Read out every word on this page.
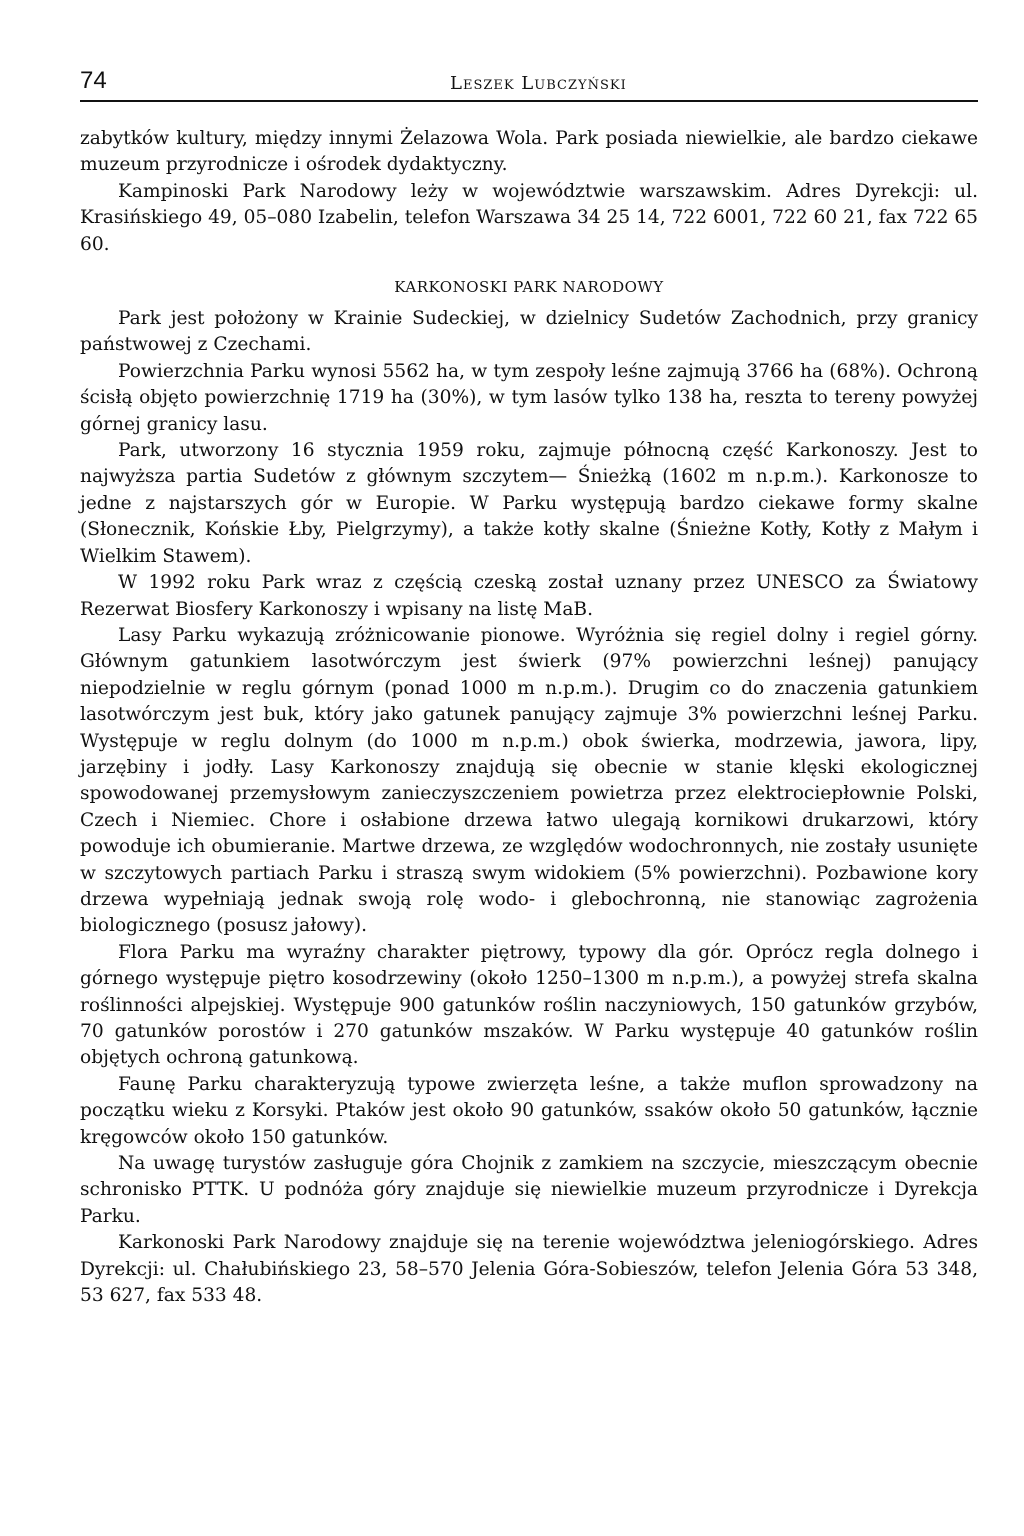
74	Leszek Lubczyński

zabytków kultury, między innymi Żelazowa Wola. Park posiada niewielkie, ale bardzo ciekawe muzeum przyrodnicze i ośrodek dydaktyczny.

Kampinoski Park Narodowy leży w województwie warszawskim. Adres Dyrekcji: ul. Krasińskiego 49, 05–080 Izabelin, telefon Warszawa 34 25 14, 722 6001, 722 60 21, fax 722 65 60.

KARKONOSKI PARK NARODOWY

Park jest położony w Krainie Sudeckiej, w dzielnicy Sudetów Zachodnich, przy granicy państwowej z Czechami.

Powierzchnia Parku wynosi 5562 ha, w tym zespoły leśne zajmują 3766 ha (68%). Ochroną ścisłą objęto powierzchnię 1719 ha (30%), w tym lasów tylko 138 ha, reszta to tereny powyżej górnej granicy lasu.

Park, utworzony 16 stycznia 1959 roku, zajmuje północną część Karkonoszy. Jest to najwyższa partia Sudetów z głównym szczytem— Śnieżką (1602 m n.p.m.). Karkonosze to jedne z najstarszych gór w Europie. W Parku występują bardzo ciekawe formy skalne (Słonecznik, Końskie Łby, Pielgrzymy), a także kotły skalne (Śnieżne Kotły, Kotły z Małym i Wielkim Stawem).

W 1992 roku Park wraz z częścią czeską został uznany przez UNESCO za Światowy Rezerwat Biosfery Karkonoszy i wpisany na listę MaB.

Lasy Parku wykazują zróżnicowanie pionowe. Wyróżnia się regiel dolny i regiel górny. Głównym gatunkiem lasotwórczym jest świerk (97% powierzchni leśnej) panujący niepodzielnie w reglu górnym (ponad 1000 m n.p.m.). Drugim co do znaczenia gatunkiem lasotwórczym jest buk, który jako gatunek panujący zajmuje 3% powierzchni leśnej Parku. Występuje w reglu dolnym (do 1000 m n.p.m.) obok świerka, modrzewia, jawora, lipy, jarzębiny i jodły. Lasy Karkonoszy znajdują się obecnie w stanie klęski ekologicznej spowodowanej przemysłowym zanieczyszczeniem powietrza przez elektrociepłownie Polski, Czech i Niemiec. Chore i osłabione drzewa łatwo ulegają kornikowi drukarzowi, który powoduje ich obumieranie. Martwe drzewa, ze względów wodochronnych, nie zostały usunięte w szczytowych partiach Parku i straszą swym widokiem (5% powierzchni). Pozbawione kory drzewa wypełniają jednak swoją rolę wodo- i glebochronną, nie stanowiąc zagrożenia biologicznego (posusz jałowy).

Flora Parku ma wyraźny charakter piętrowy, typowy dla gór. Oprócz regla dolnego i górnego występuje piętro kosodrzewiny (około 1250–1300 m n.p.m.), a powyżej strefa skalna roślinności alpejskiej. Występuje 900 gatunków roślin naczyniowych, 150 gatunków grzybów, 70 gatunków porostów i 270 gatunków mszaków. W Parku występuje 40 gatunków roślin objętych ochroną gatunkową.

Faunę Parku charakteryzują typowe zwierzęta leśne, a także muflon sprowadzony na początku wieku z Korsyki. Ptaków jest około 90 gatunków, ssaków około 50 gatunków, łącznie kręgowców około 150 gatunków.

Na uwagę turystów zasługuje góra Chojnik z zamkiem na szczycie, mieszczącym obecnie schronisko PTTK. U podnóża góry znajduje się niewielkie muzeum przyrodnicze i Dyrekcja Parku.

Karkonoski Park Narodowy znajduje się na terenie województwa jeleniogórskiego. Adres Dyrekcji: ul. Chałubińskiego 23, 58–570 Jelenia Góra-Sobieszów, telefon Jelenia Góra 53 348, 53 627, fax 533 48.
